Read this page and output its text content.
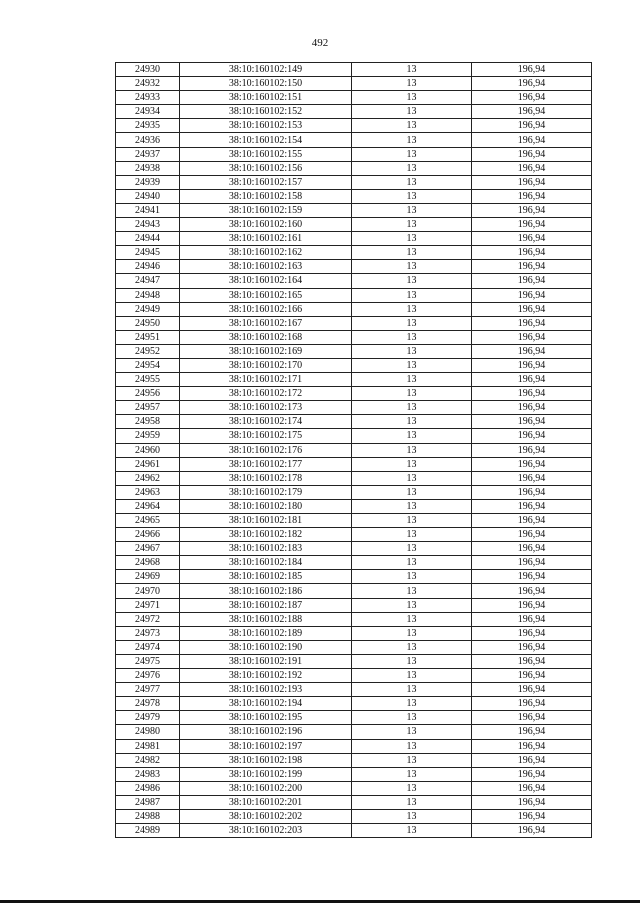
492
24930	38:10:160102:149	13	196,94
24932	38:10:160102:150	13	196,94
24933	38:10:160102:151	13	196,94
24934	38:10:160102:152	13	196,94
24935	38:10:160102:153	13	196,94
24936	38:10:160102:154	13	196,94
24937	38:10:160102:155	13	196,94
24938	38:10:160102:156	13	196,94
24939	38:10:160102:157	13	196,94
24940	38:10:160102:158	13	196,94
24941	38:10:160102:159	13	196,94
24943	38:10:160102:160	13	196,94
24944	38:10:160102:161	13	196,94
24945	38:10:160102:162	13	196,94
24946	38:10:160102:163	13	196,94
24947	38:10:160102:164	13	196,94
24948	38:10:160102:165	13	196,94
24949	38:10:160102:166	13	196,94
24950	38:10:160102:167	13	196,94
24951	38:10:160102:168	13	196,94
24952	38:10:160102:169	13	196,94
24954	38:10:160102:170	13	196,94
24955	38:10:160102:171	13	196,94
24956	38:10:160102:172	13	196,94
24957	38:10:160102:173	13	196,94
24958	38:10:160102:174	13	196,94
24959	38:10:160102:175	13	196,94
24960	38:10:160102:176	13	196,94
24961	38:10:160102:177	13	196,94
24962	38:10:160102:178	13	196,94
24963	38:10:160102:179	13	196,94
24964	38:10:160102:180	13	196,94
24965	38:10:160102:181	13	196,94
24966	38:10:160102:182	13	196,94
24967	38:10:160102:183	13	196,94
24968	38:10:160102:184	13	196,94
24969	38:10:160102:185	13	196,94
24970	38:10:160102:186	13	196,94
24971	38:10:160102:187	13	196,94
24972	38:10:160102:188	13	196,94
24973	38:10:160102:189	13	196,94
24974	38:10:160102:190	13	196,94
24975	38:10:160102:191	13	196,94
24976	38:10:160102:192	13	196,94
24977	38:10:160102:193	13	196,94
24978	38:10:160102:194	13	196,94
24979	38:10:160102:195	13	196,94
24980	38:10:160102:196	13	196,94
24981	38:10:160102:197	13	196,94
24982	38:10:160102:198	13	196,94
24983	38:10:160102:199	13	196,94
24986	38:10:160102:200	13	196,94
24987	38:10:160102:201	13	196,94
24988	38:10:160102:202	13	196,94
24989	38:10:160102:203	13	196,94
